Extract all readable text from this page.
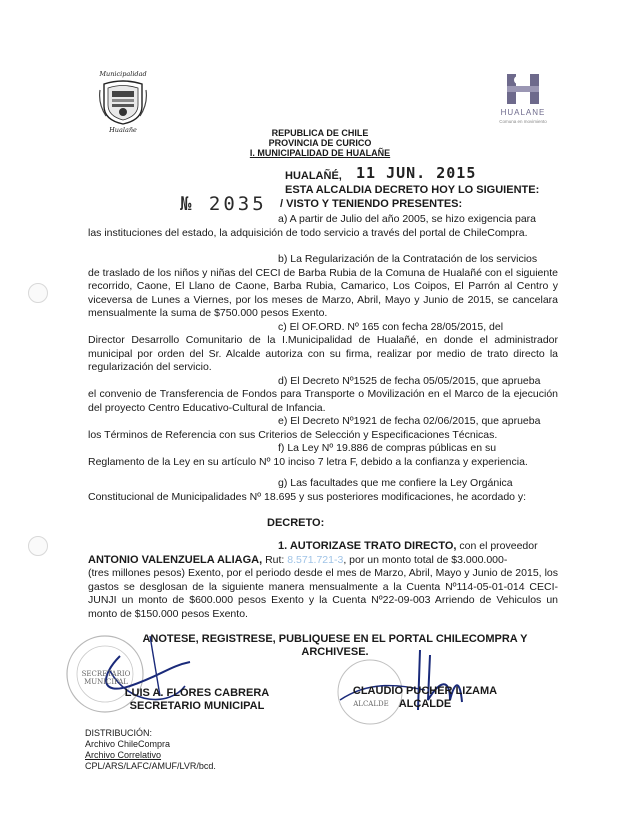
Municipalidad
Hualañe
HUALANE
Comuna en movimiento
REPUBLICA DE CHILE
PROVINCIA DE CURICO
I. MUNICIPALIDAD DE HUALAÑE
HUALAÑÉ, 11 JUN. 2015
ESTA ALCALDIA DECRETO HOY LO SIGUIENTE:
№ 2035 / VISTO Y TENIENDO PRESENTES:
a) A partir de Julio del año 2005, se hizo exigencia para
las instituciones del estado, la adquisición de todo servicio a través del portal de ChileCompra.
b) La Regularización de la Contratación de los servicios
de traslado de los niños y niñas del CECI de Barba Rubia de la Comuna de Hualañé con el siguiente recorrido, Caone, El Llano de Caone, Barba Rubia, Camarico, Los Coipos, El Parrón al Centro y viceversa de Lunes a Viernes, por los meses de Marzo, Abril, Mayo y Junio de 2015, se cancelara mensualmente la suma de $750.000 pesos Exento.
c) El OF.ORD. Nº 165 con fecha 28/05/2015, del
Director Desarrollo Comunitario de la I.Municipalidad de Hualañé, en donde el administrador municipal por orden del Sr. Alcalde autoriza con su firma, realizar por medio de trato directo la regularización del servicio.
d) El Decreto Nº1525 de fecha 05/05/2015, que aprueba
el convenio de Transferencia de Fondos para Transporte o Movilización en el Marco de la ejecución del proyecto Centro Educativo-Cultural de Infancia.
e) El Decreto Nº1921 de fecha 02/06/2015, que aprueba
los Términos de Referencia con sus Criterios de Selección y Especificaciones Técnicas.
f) La Ley Nº 19.886 de compras públicas en su
Reglamento de la Ley en su artículo Nº 10 inciso 7 letra F, debido a la confianza y experiencia.
g) Las facultades que me confiere la Ley Orgánica
Constitucional de Municipalidades Nº 18.695 y sus posteriores modificaciones, he acordado y:
DECRETO:
1. AUTORIZASE TRATO DIRECTO, con el proveedor
ANTONIO VALENZUELA ALIAGA, Rut: 8.571.721-3, por un monto total de $3.000.000-
(tres millones pesos) Exento, por el periodo desde el mes de Marzo, Abril, Mayo y Junio de 2015, los gastos se desglosan de la siguiente manera mensualmente a la Cuenta Nº114-05-01-014 CECI-JUNJI un monto de $600.000 pesos Exento y la Cuenta Nº22-09-003 Arriendo de Vehiculos un monto de $150.000 pesos Exento.
ANOTESE, REGISTRESE, PUBLIQUESE EN EL PORTAL CHILECOMPRA Y
ARCHIVESE.
SECRETARIO MUNICIPAL
ALCALDE
LUIS A. FLORES CABRERA
SECRETARIO MUNICIPAL
CLAUDIO PUCHER LIZAMA
ALCALDE
DISTRIBUCIÓN:
Archivo ChileCompra
Archivo Correlativo
CPL/ARS/LAFC/AMUF/LVR/bcd.
